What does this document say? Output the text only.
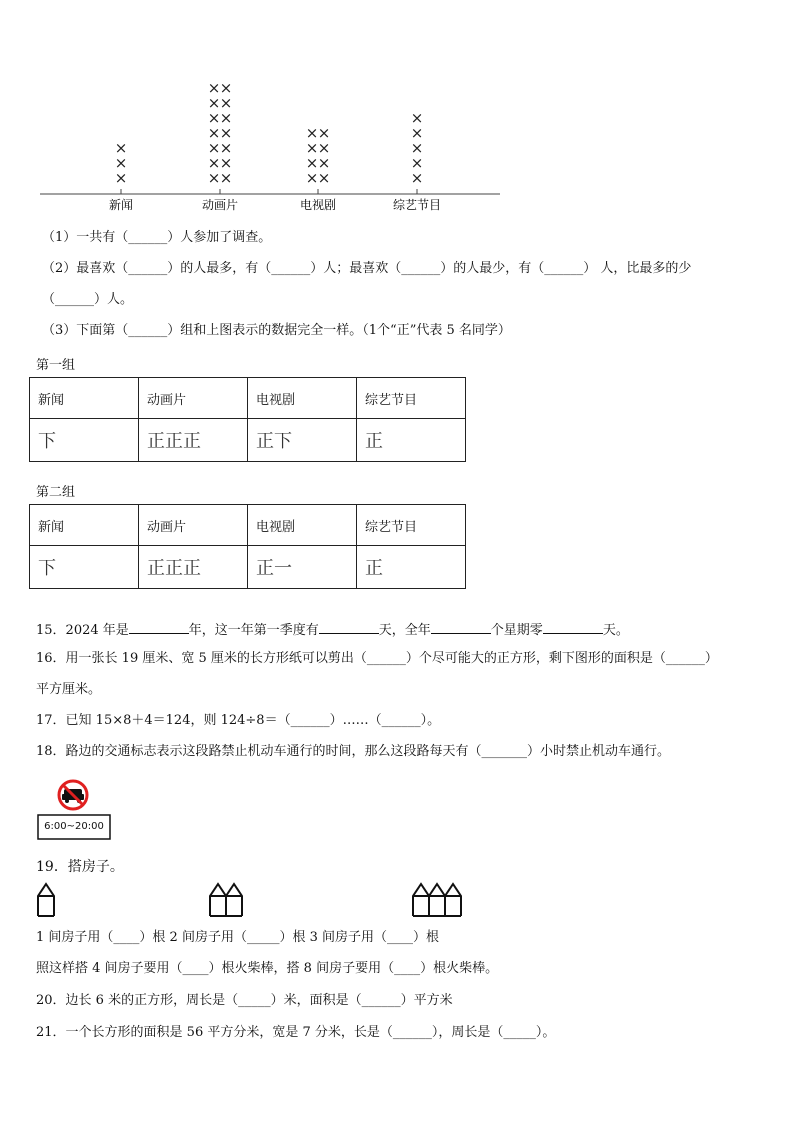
新闻
×
×
×
动画片
× ×
× ×
× ×
× ×
× ×
× ×
× ×
电视剧
× ×
× ×
× ×
× ×
综艺节目
×
×
×
×
×
（1）一共有（______）人参加了调查。
（2）最喜欢（______）的人最多，有（______）人；最喜欢（______）的人最少，有（______） 人，比最多的少
（______）人。
（3）下面第（______）组和上图表示的数据完全一样。（1个“正”代表 5 名同学）
第一组
新闻	动画片	电视剧	综艺节目
下	正正正	正下	正
第二组
新闻	动画片	电视剧	综艺节目
下	正正正	正一	正
15．2024 年是	年，这一年第一季度有	天，全年	个星期零	天。
16．用一张长 19 厘米、宽 5 厘米的长方形纸可以剪出（______）个尽可能大的正方形，剩下图形的面积是（______）
平方厘米。
17．已知 15×8＋4＝124，则 124÷8＝（______）……（______）。
18．路边的交通标志表示这段路禁止机动车通行的时间，那么这段路每天有（_______）小时禁止机动车通行。
6:00~20:00
19．搭房子。
1 间房子用（____）根 2 间房子用（_____）根 3 间房子用（____）根
照这样搭 4 间房子要用（____）根火柴棒，搭 8 间房子要用（____）根火柴棒。
20．边长 6 米的正方形，周长是（_____）米，面积是（______）平方米
21．一个长方形的面积是 56 平方分米，宽是 7 分米，长是（______），周长是（_____）。
